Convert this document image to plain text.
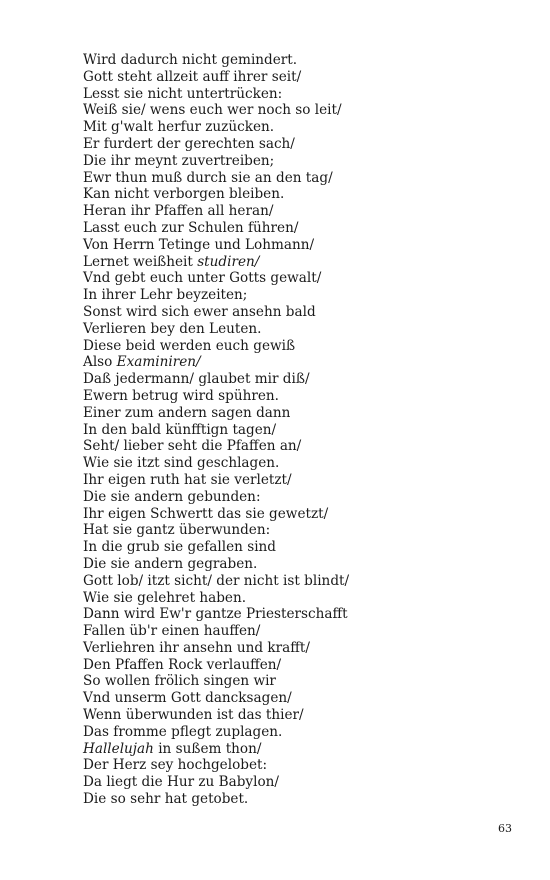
Wird dadurch nicht gemindert.
Gott steht allzeit auff ihrer seit/
Lesst sie nicht untertrücken:
Weiß sie/ wens euch wer noch so leit/
Mit g'walt herfur zuzücken.
Er furdert der gerechten sach/
Die ihr meynt zuvertreiben;
Ewr thun muß durch sie an den tag/
Kan nicht verborgen bleiben.
Heran ihr Pfaffen all heran/
Lasst euch zur Schulen führen/
Von Herrn Tetinge und Lohmann/
Lernet weißheit studiren/
Vnd gebt euch unter Gotts gewalt/
In ihrer Lehr beyzeiten;
Sonst wird sich ewer ansehn bald
Verlieren bey den Leuten.
Diese beid werden euch gewiß
Also Examiniren/
Daß jedermann/ glaubet mir diß/
Ewern betrug wird spühren.
Einer zum andern sagen dann
In den bald künfftign tagen/
Seht/ lieber seht die Pfaffen an/
Wie sie itzt sind geschlagen.
Ihr eigen ruth hat sie verletzt/
Die sie andern gebunden:
Ihr eigen Schwertt das sie gewetzt/
Hat sie gantz überwunden:
In die grub sie gefallen sind
Die sie andern gegraben.
Gott lob/ itzt sicht/ der nicht ist blindt/
Wie sie gelehret haben.
Dann wird Ew'r gantze Priesterschafft
Fallen üb'r einen hauffen/
Verliehren ihr ansehn und krafft/
Den Pfaffen Rock verlauffen/
So wollen frölich singen wir
Vnd unserm Gott dancksagen/
Wenn überwunden ist das thier/
Das fromme pflegt zuplagen.
Hallelujah in sußem thon/
Der Herz sey hochgelobet:
Da liegt die Hur zu Babylon/
Die so sehr hat getobet.
63
